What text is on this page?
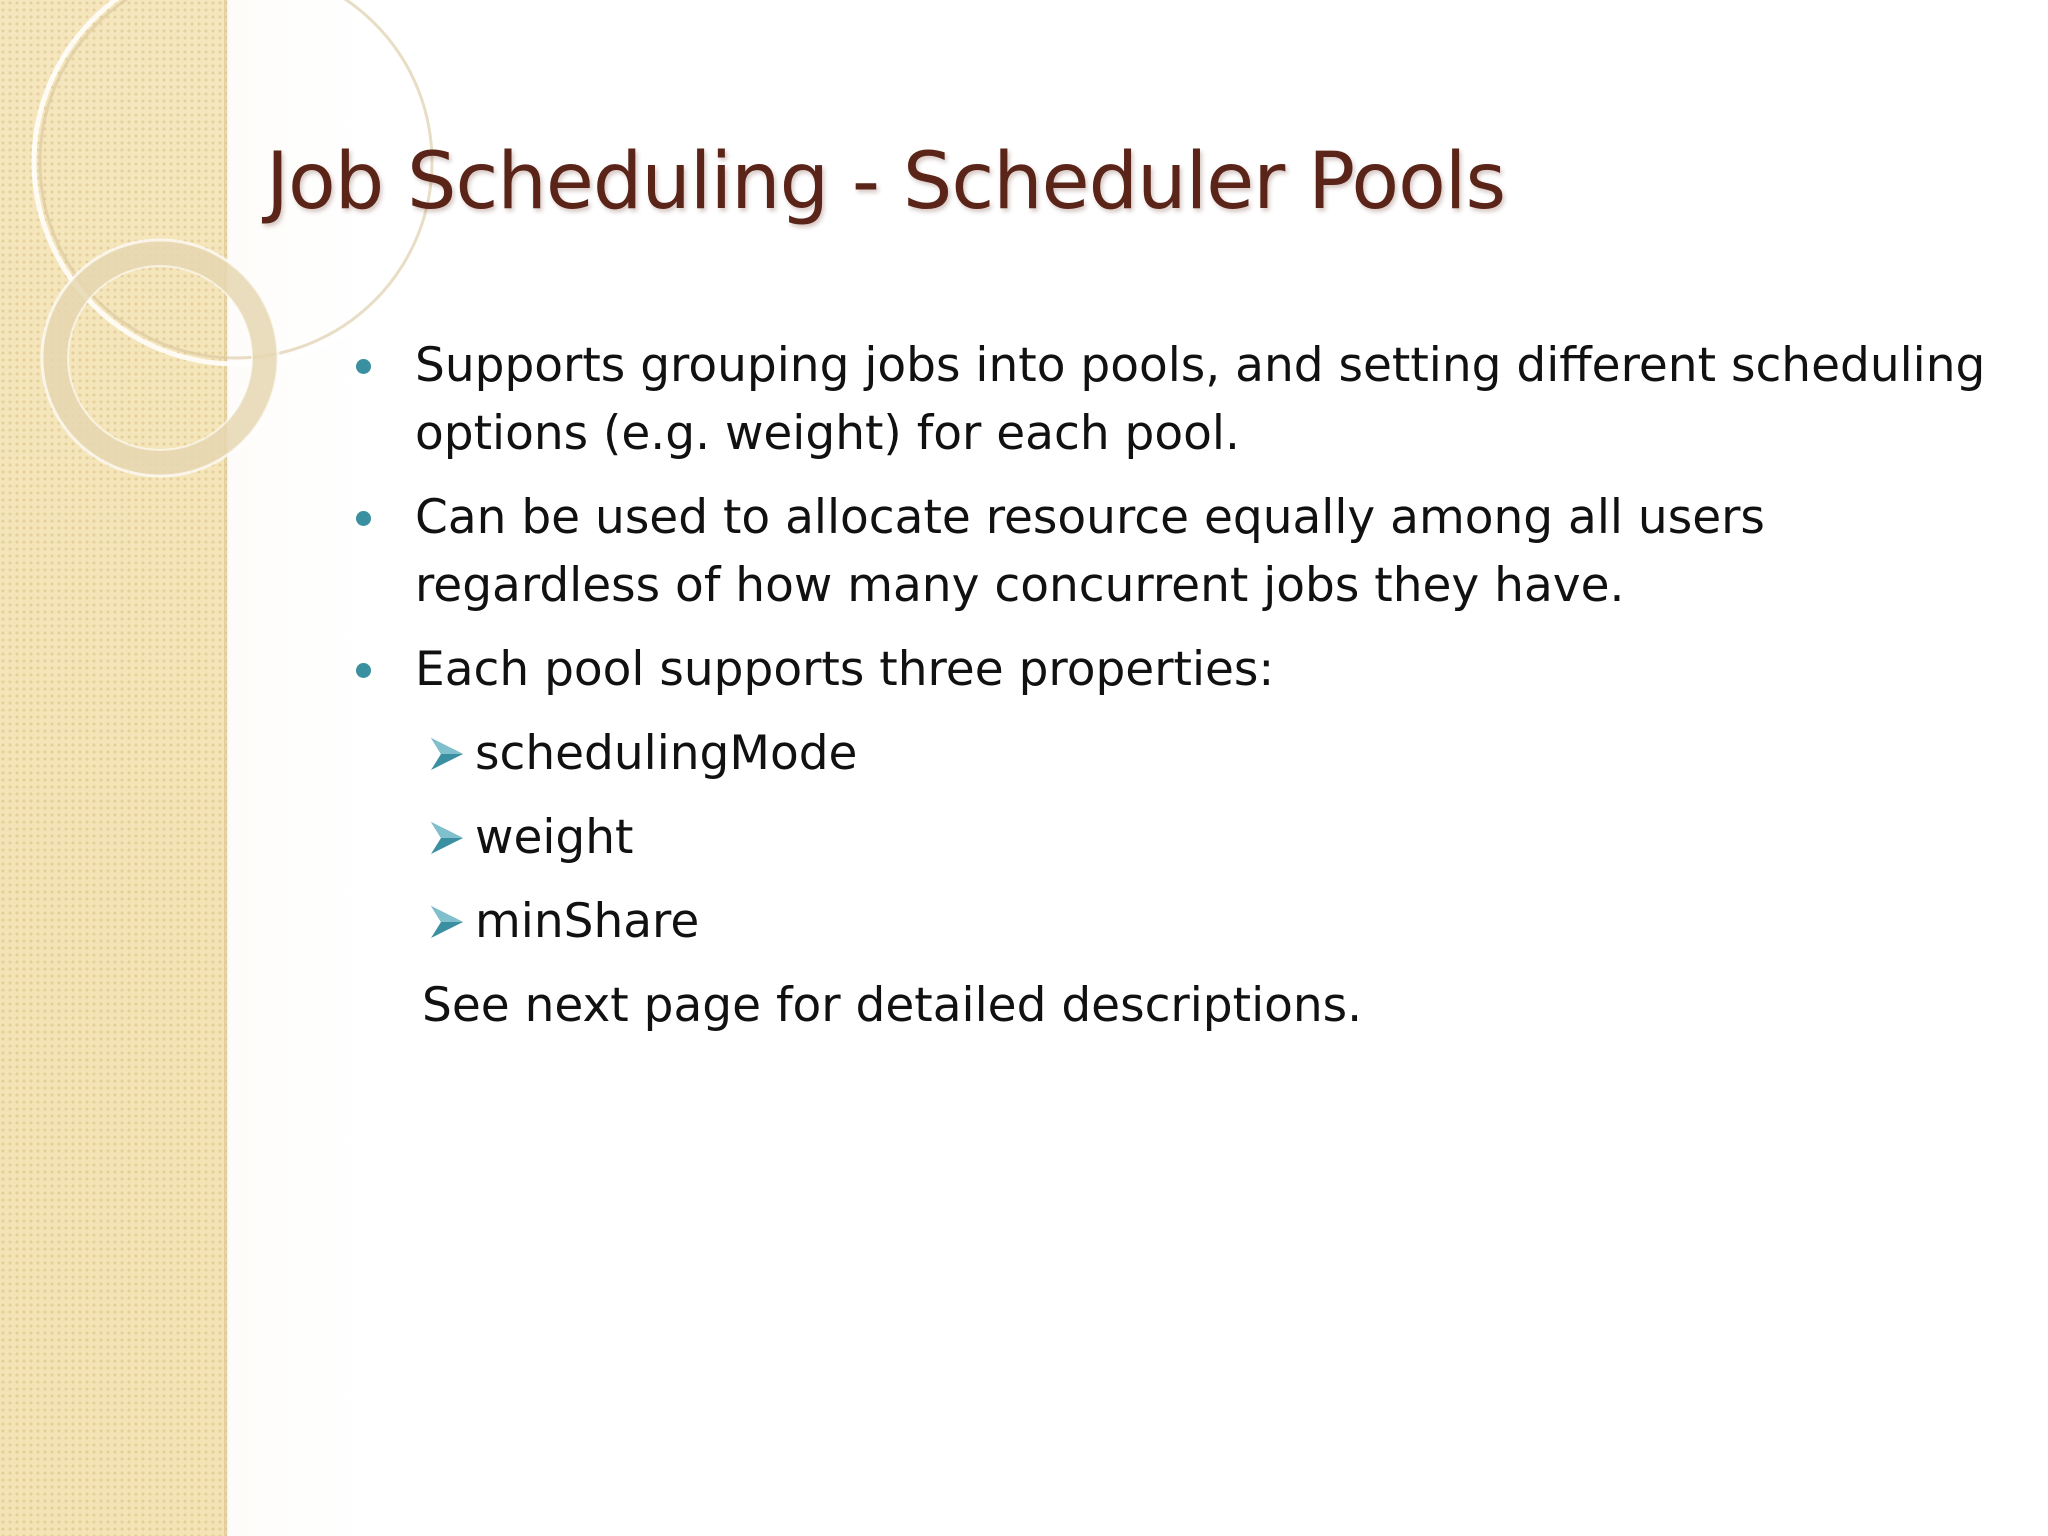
Job Scheduling - Scheduler Pools
Supports grouping jobs into pools, and setting different scheduling options (e.g. weight) for each pool.
Can be used to allocate resource equally among all users regardless of how many concurrent jobs they have.
Each pool supports three properties:
schedulingMode
weight
minShare
See next page for detailed descriptions.
